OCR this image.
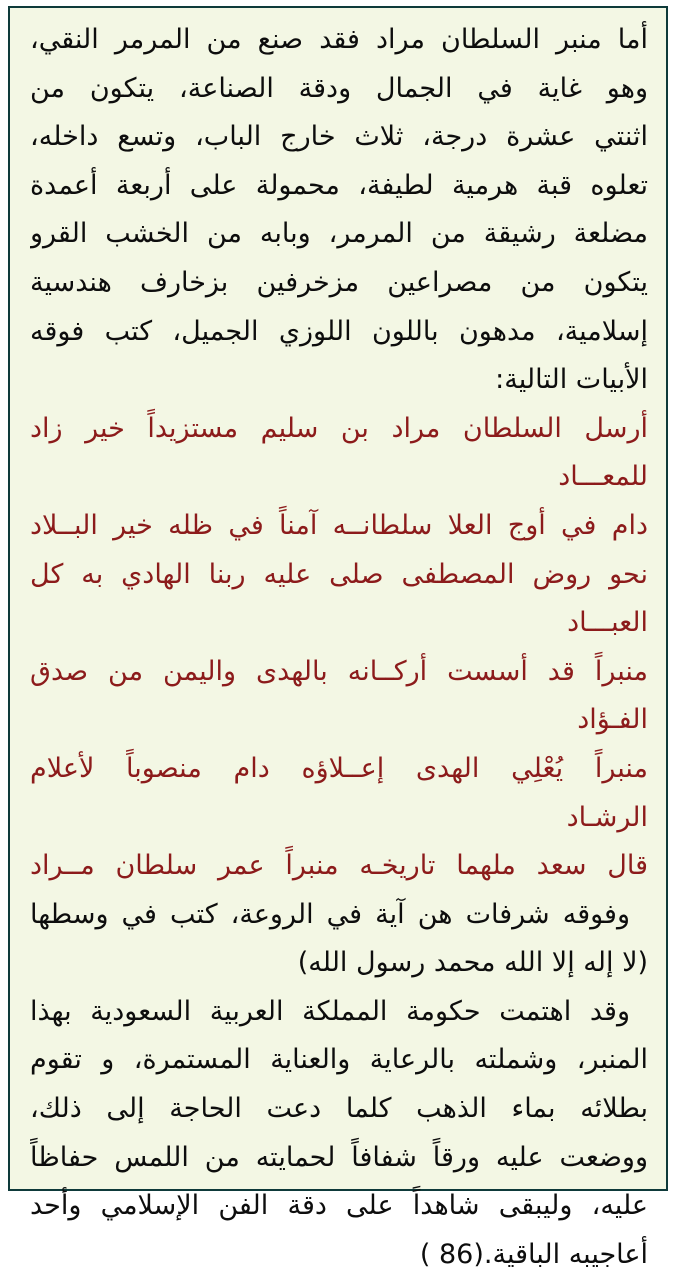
أما منبر السلطان مراد فقد صنع من المرمر النقي،
وهو غاية في الجمال ودقة الصناعة، يتكون من
اثنتي عشرة درجة، ثلاث خارج الباب، وتسع داخله،
تعلوه قبة هرمية لطيفة، محمولة على أربعة أعمدة
مضلعة رشيقة من المرمر، وبابه من الخشب القرو
يتكون من مصراعين مزخرفين بزخارف هندسية
إسلامية، مدهون باللون اللوزي الجميل، كتب فوقه
الأبيات التالية:
أرسل السلطان مراد بن سليم مستزيداً خير زاد
للمعـــاد
دام في أوج العلا سلطانــه آمناً في ظله خير البــلاد
نحو روض المصطفى صلى عليه ربنا الهادي به كل
العبـــاد
منبراً قد أسست أركــانه بالهدى واليمن من صدق
الفـؤاد
منبراً يُعْلِي الهدى إعــلاؤه دام منصوباً لأعلام
الرشـاد
قال سعد ملهما تاريخـه منبراً عمر سلطان مــراد
وفوقه شرفات هن آية في الروعة، كتب في وسطها
(لا إله إلا الله محمد رسول الله)
وقد اهتمت حكومة المملكة العربية السعودية بهذا
المنبر، وشملته بالرعاية والعناية المستمرة، و تقوم
بطلائه بماء الذهب كلما دعت الحاجة إلى ذلك،
ووضعت عليه ورقاً شفافاً لحمايته من اللمس حفاظاً
عليه، وليبقى شاهداً على دقة الفن الإسلامي وأحد
أعاجيبه الباقية.(86 )
